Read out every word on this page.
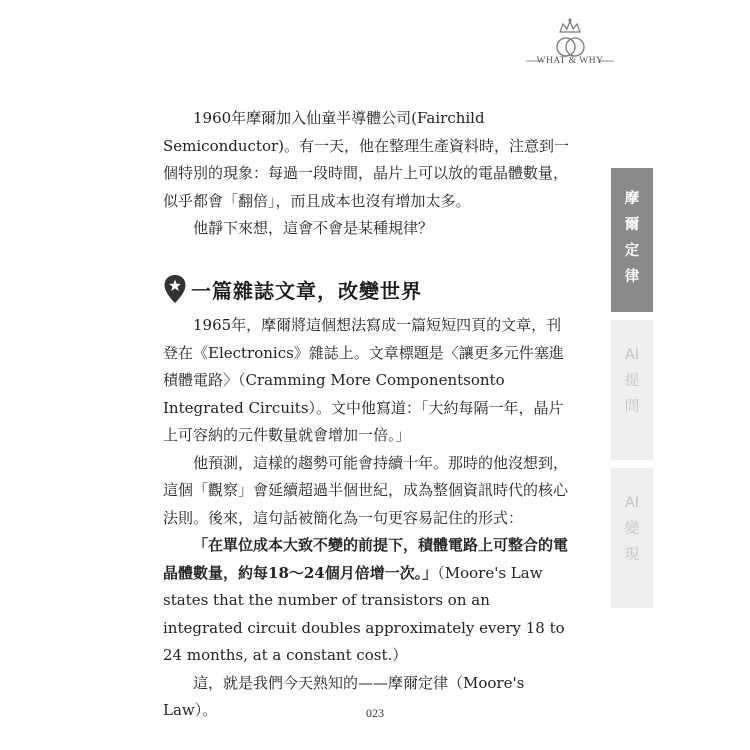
WHAT & WHY

1960年摩爾加入仙童半導體公司(Fairchild Semiconductor)。有一天，他在整理生產資料時，注意到一個特別的現象：每過一段時間，晶片上可以放的電晶體數量，似乎都會「翻倍」，而且成本也沒有增加太多。

他靜下來想，這會不會是某種規律？

一篇雜誌文章，改變世界

1965年，摩爾將這個想法寫成一篇短短四頁的文章，刊登在《Electronics》雜誌上。文章標題是〈讓更多元件塞進積體電路〉（Cramming More Componentsonto Integrated Circuits）。文中他寫道：「大約每隔一年，晶片上可容納的元件數量就會增加一倍。」

他預測，這樣的趨勢可能會持續十年。那時的他沒想到，這個「觀察」會延續超過半個世紀，成為整個資訊時代的核心法則。後來，這句話被簡化為一句更容易記住的形式：

「在單位成本大致不變的前提下，積體電路上可整合的電晶體數量，約每18～24個月倍增一次。」（Moore's Law states that the number of transistors on an integrated circuit doubles approximately every 18 to 24 months, at a constant cost.）

這，就是我們今天熟知的——摩爾定律（Moore's Law）。	023
摩
爾
定
律
AI
提
問
AI
變
現
